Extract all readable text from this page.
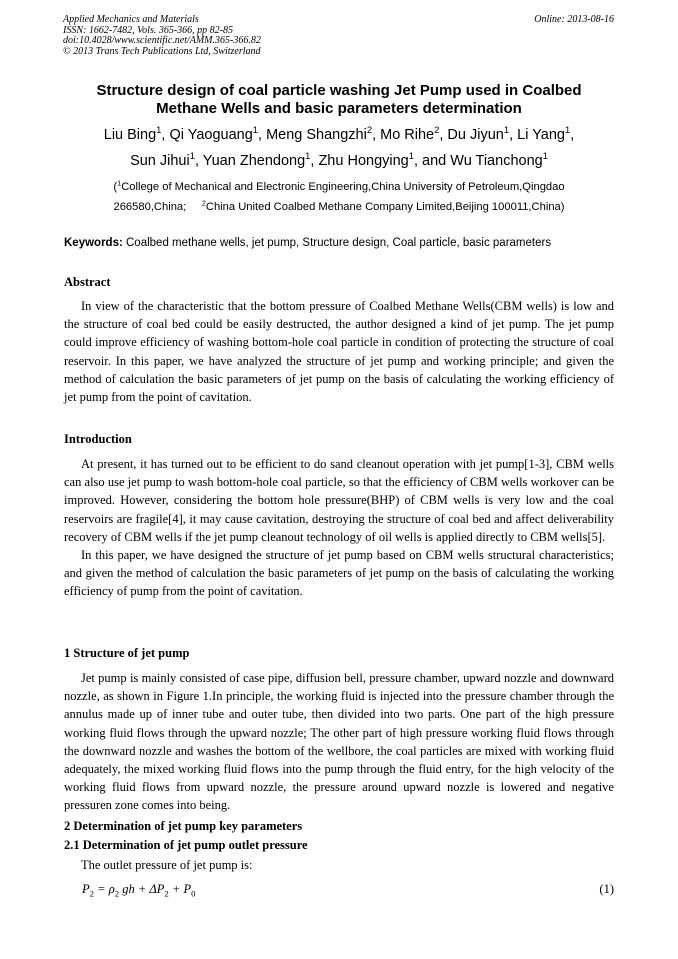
Applied Mechanics and Materials
ISSN: 1662-7482, Vols. 365-366, pp 82-85
doi:10.4028/www.scientific.net/AMM.365-366.82
© 2013 Trans Tech Publications Ltd, Switzerland
Online: 2013-08-16
Structure design of coal particle washing Jet Pump used in Coalbed Methane Wells and basic parameters determination
Liu Bing$^1$, Qi Yaoguang$^1$, Meng Shangzhi$^2$, Mo Rihe$^2$, Du Jiyun$^1$, Li Yang$^1$,
Sun Jihui$^1$, Yuan Zhendong$^1$, Zhu Hongying$^1$, and Wu Tianchong$^1$
($^1$College of Mechanical and Electronic Engineering,China University of Petroleum,Qingdao 266580,China; $^2$China United Coalbed Methane Company Limited,Beijing 100011,China)
Keywords: Coalbed methane wells, jet pump, Structure design, Coal particle, basic parameters
Abstract
In view of the characteristic that the bottom pressure of Coalbed Methane Wells(CBM wells) is low and the structure of coal bed could be easily destructed, the author designed a kind of jet pump. The jet pump could improve efficiency of washing bottom-hole coal particle in condition of protecting the structure of coal reservoir. In this paper, we have analyzed the structure of jet pump and working principle; and given the method of calculation the basic parameters of jet pump on the basis of calculating the working efficiency of jet pump from the point of cavitation.
Introduction
At present, it has turned out to be efficient to do sand cleanout operation with jet pump[1-3], CBM wells can also use jet pump to wash bottom-hole coal particle, so that the efficiency of CBM wells workover can be improved. However, considering the bottom hole pressure(BHP) of CBM wells is very low and the coal reservoirs are fragile[4], it may cause cavitation, destroying the structure of coal bed and affect deliverability recovery of CBM wells if the jet pump cleanout technology of oil wells is applied directly to CBM wells[5].
In this paper, we have designed the structure of jet pump based on CBM wells structural characteristics; and given the method of calculation the basic parameters of jet pump on the basis of calculating the working efficiency of pump from the point of cavitation.
1 Structure of jet pump
Jet pump is mainly consisted of case pipe, diffusion bell, pressure chamber, upward nozzle and downward nozzle, as shown in Figure 1.In principle, the working fluid is injected into the pressure chamber through the annulus made up of inner tube and outer tube, then divided into two parts. One part of the high pressure working fluid flows through the upward nozzle; The other part of high pressure working fluid flows through the downward nozzle and washes the bottom of the wellbore, the coal particles are mixed with working fluid adequately, the mixed working fluid flows into the pump through the fluid entry, for the high velocity of the working fluid flows from upward nozzle, the pressure around upward nozzle is lowered and negative pressuren zone comes into being.
2 Determination of jet pump key parameters
2.1 Determination of jet pump outlet pressure
The outlet pressure of jet pump is:
$P_2 = \rho_2$ gh + $\Delta P_2 + P_0$	(1)
